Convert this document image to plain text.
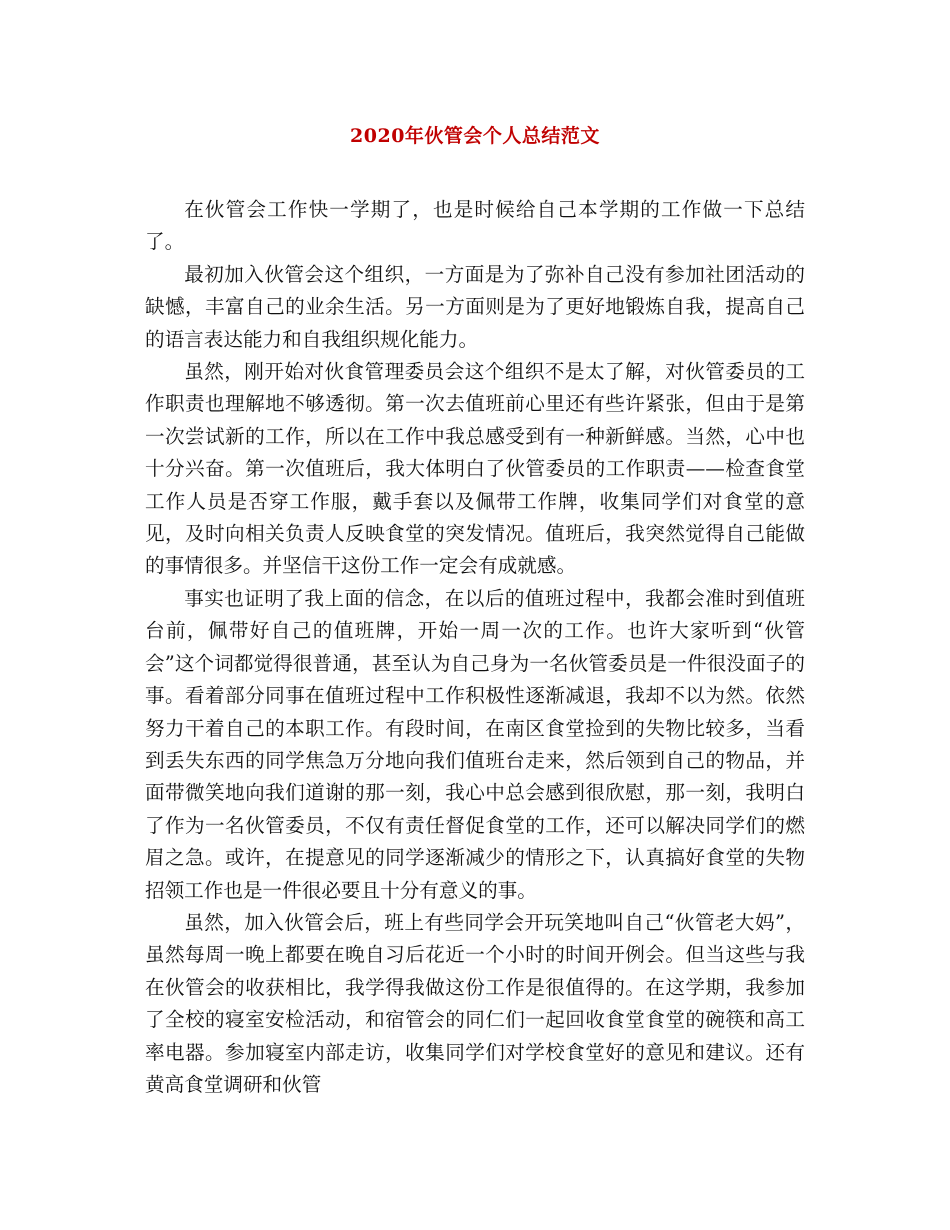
2020年伙管会个人总结范文

在伙管会工作快一学期了，也是时候给自己本学期的工作做一下总结了。

最初加入伙管会这个组织，一方面是为了弥补自己没有参加社团活动的缺憾，丰富自己的业余生活。另一方面则是为了更好地锻炼自我，提高自己的语言表达能力和自我组织规化能力。

虽然，刚开始对伙食管理委员会这个组织不是太了解，对伙管委员的工作职责也理解地不够透彻。第一次去值班前心里还有些许紧张，但由于是第一次尝试新的工作，所以在工作中我总感受到有一种新鲜感。当然，心中也十分兴奋。第一次值班后，我大体明白了伙管委员的工作职责——检查食堂工作人员是否穿工作服，戴手套以及佩带工作牌，收集同学们对食堂的意见，及时向相关负责人反映食堂的突发情况。值班后，我突然觉得自己能做的事情很多。并坚信干这份工作一定会有成就感。

事实也证明了我上面的信念，在以后的值班过程中，我都会准时到值班台前，佩带好自己的值班牌，开始一周一次的工作。也许大家听到“伙管会”这个词都觉得很普通，甚至认为自己身为一名伙管委员是一件很没面子的事。看着部分同事在值班过程中工作积极性逐渐减退，我却不以为然。依然努力干着自己的本职工作。有段时间，在南区食堂捡到的失物比较多，当看到丢失东西的同学焦急万分地向我们值班台走来，然后领到自己的物品，并面带微笑地向我们道谢的那一刻，我心中总会感到很欣慰，那一刻，我明白了作为一名伙管委员，不仅有责任督促食堂的工作，还可以解决同学们的燃眉之急。或许，在提意见的同学逐渐减少的情形之下，认真搞好食堂的失物招领工作也是一件很必要且十分有意义的事。

虽然，加入伙管会后，班上有些同学会开玩笑地叫自己“伙管老大妈”，虽然每周一晚上都要在晚自习后花近一个小时的时间开例会。但当这些与我在伙管会的收获相比，我学得我做这份工作是很值得的。在这学期，我参加了全校的寝室安检活动，和宿管会的同仁们一起回收食堂食堂的碗筷和高工率电器。参加寝室内部走访，收集同学们对学校食堂好的意见和建议。还有黄高食堂调研和伙管
